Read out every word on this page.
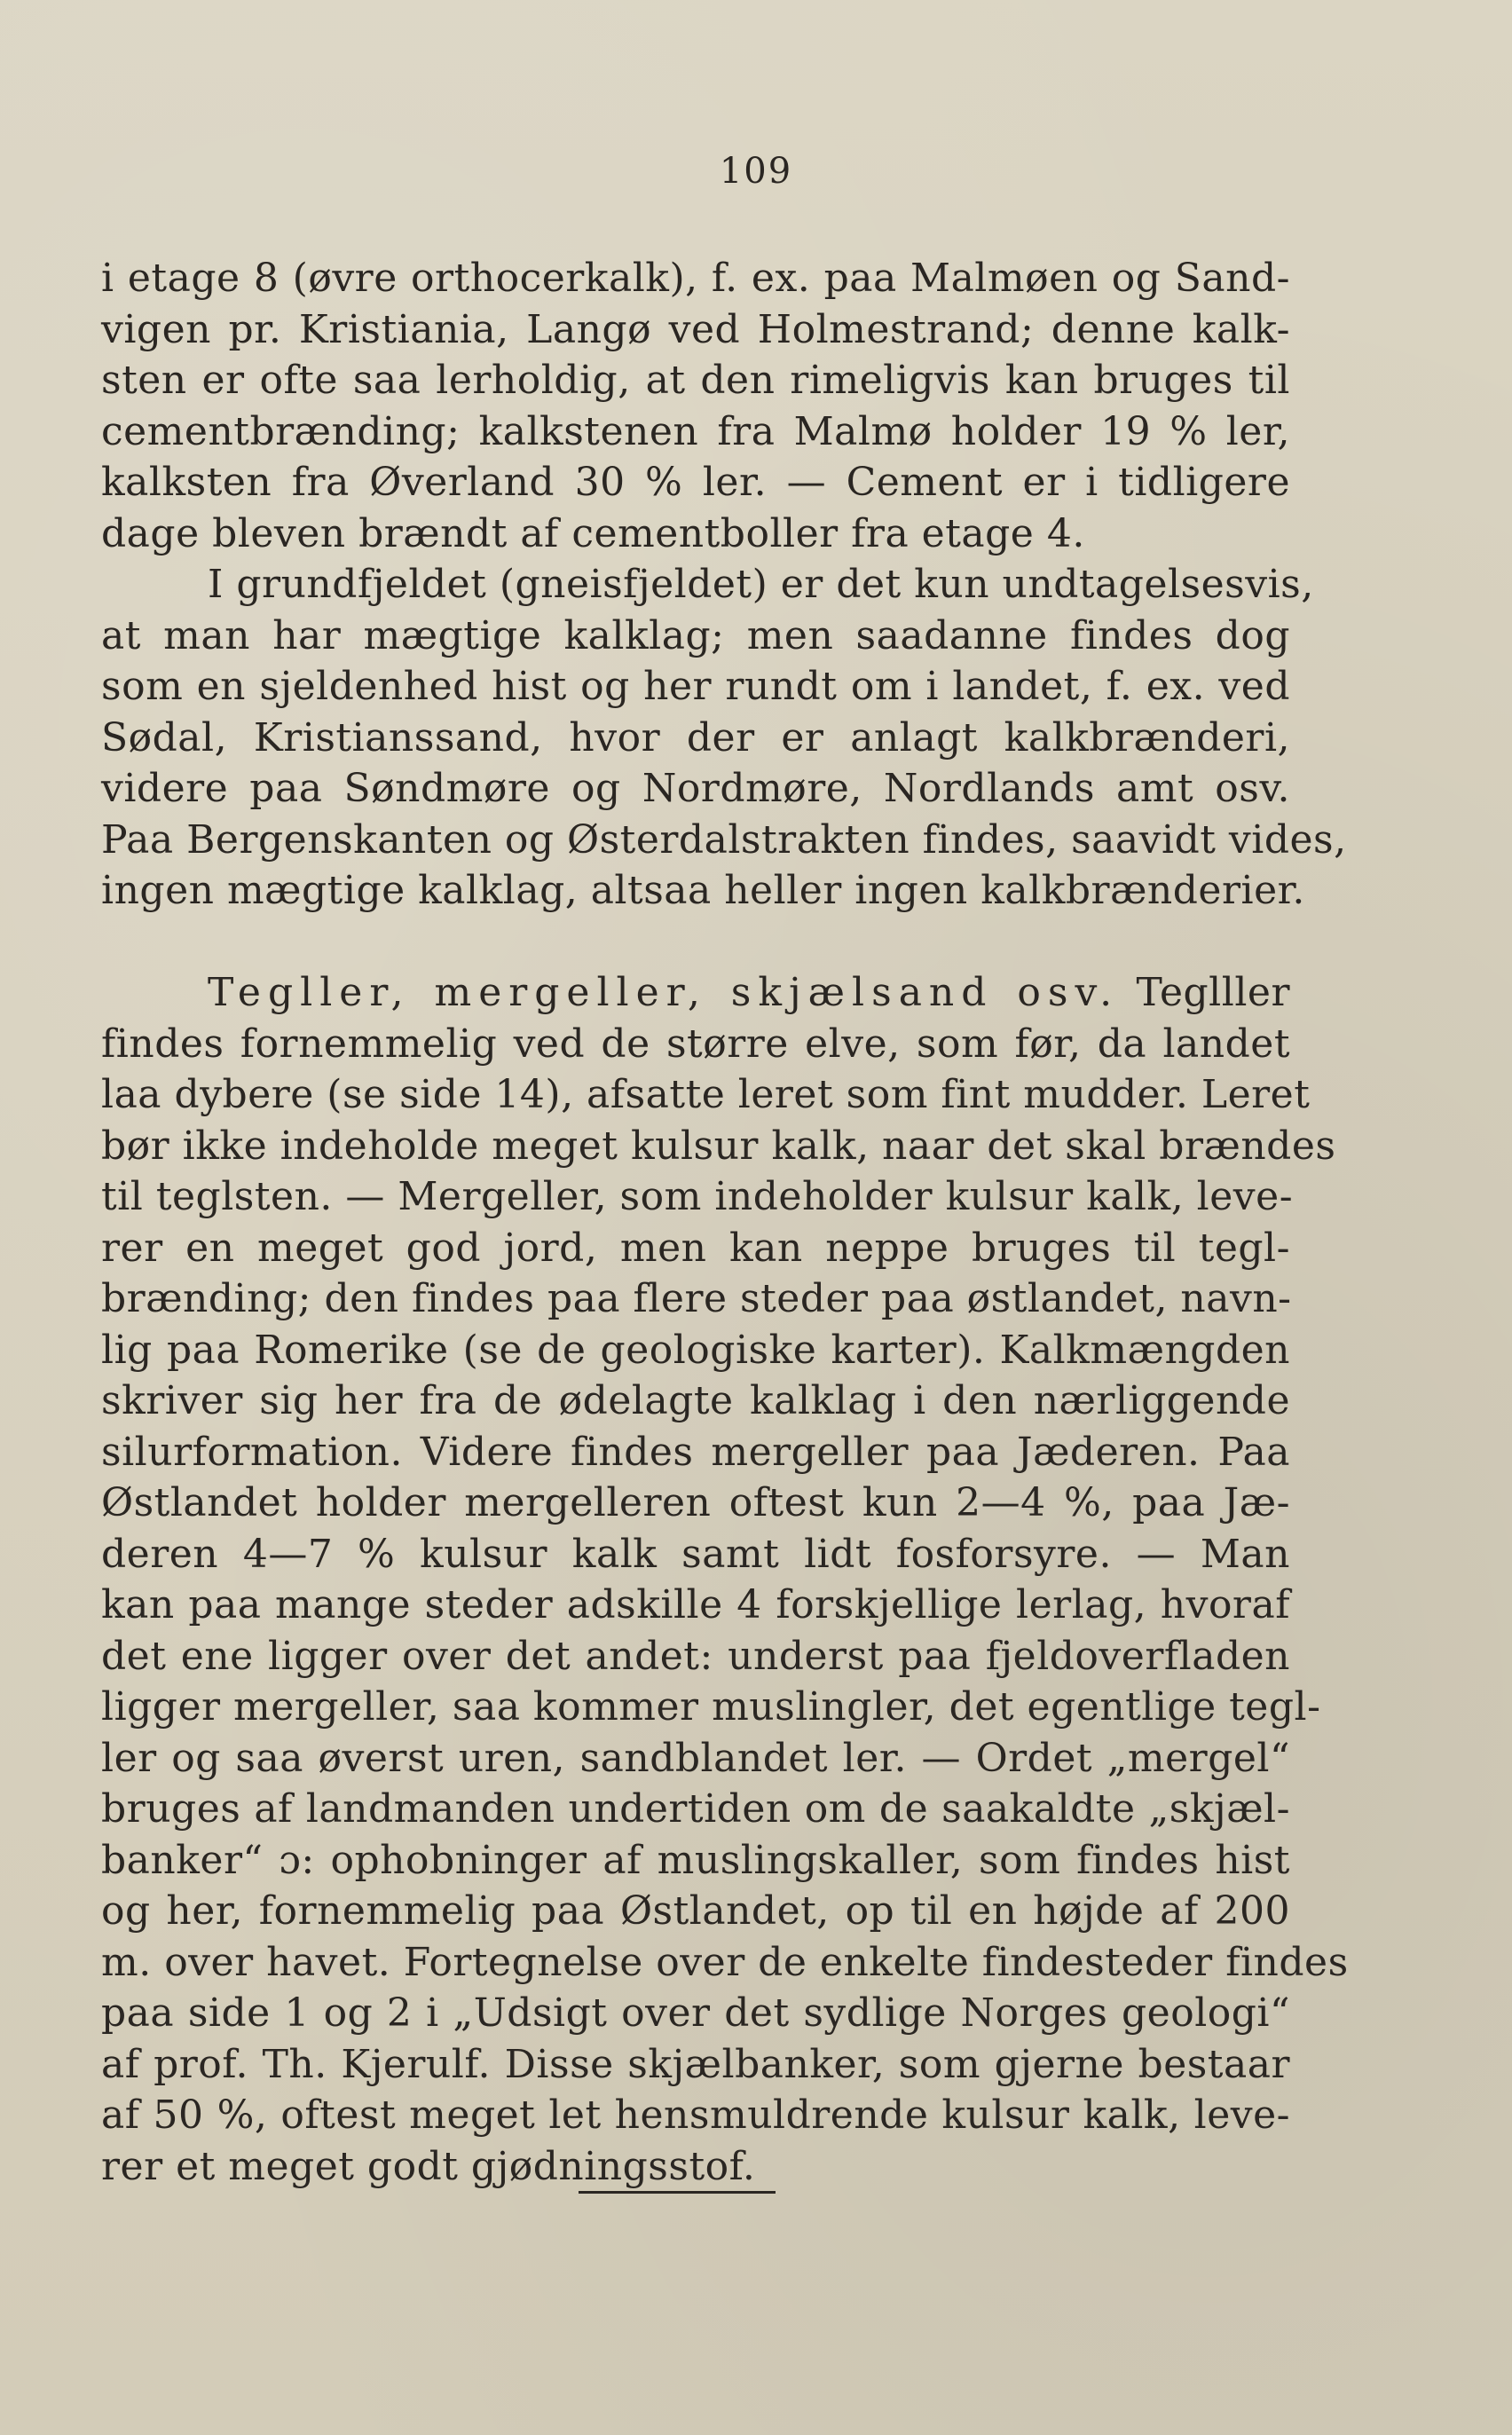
109
i etage 8 (øvre orthocerkalk), f. ex. paa Malmøen og Sand-
vigen pr. Kristiania, Langø ved Holmestrand; denne kalk-
sten er ofte saa lerholdig, at den rimeligvis kan bruges til
cementbrænding; kalkstenen fra Malmø holder 19 % ler,
kalksten fra Øverland 30 % ler. — Cement er i tidligere
dage bleven brændt af cementboller fra etage 4.
I grundfjeldet (gneisfjeldet) er det kun undtagelsesvis,
at man har mægtige kalklag; men saadanne findes dog
som en sjeldenhed hist og her rundt om i landet, f. ex. ved
Sødal, Kristianssand, hvor der er anlagt kalkbrænderi,
videre paa Søndmøre og Nordmøre, Nordlands amt osv.
Paa Bergenskanten og Østerdalstrakten findes, saavidt vides,
ingen mægtige kalklag, altsaa heller ingen kalkbrænderier.
Tegller, mergeller, skjælsand osv. Teglller
findes fornemmelig ved de større elve, som før, da landet
laa dybere (se side 14), afsatte leret som fint mudder. Leret
bør ikke indeholde meget kulsur kalk, naar det skal brændes
til teglsten. — Mergeller, som indeholder kulsur kalk, leve-
rer en meget god jord, men kan neppe bruges til tegl-
brænding; den findes paa flere steder paa østlandet, navn-
lig paa Romerike (se de geologiske karter). Kalkmængden
skriver sig her fra de ødelagte kalklag i den nærliggende
silurformation. Videre findes mergeller paa Jæderen. Paa
Østlandet holder mergelleren oftest kun 2—4 %, paa Jæ-
deren 4—7 % kulsur kalk samt lidt fosforsyre. — Man
kan paa mange steder adskille 4 forskjellige lerlag, hvoraf
det ene ligger over det andet: underst paa fjeldoverfladen
ligger mergeller, saa kommer muslingler, det egentlige tegl-
ler og saa øverst uren, sandblandet ler. — Ordet „mergel“
bruges af landmanden undertiden om de saakaldte „skjæl-
banker“ ɔ: ophobninger af muslingskaller, som findes hist
og her, fornemmelig paa Østlandet, op til en højde af 200
m. over havet. Fortegnelse over de enkelte findesteder findes
paa side 1 og 2 i „Udsigt over det sydlige Norges geologi“
af prof. Th. Kjerulf. Disse skjælbanker, som gjerne bestaar
af 50 %, oftest meget let hensmuldrende kulsur kalk, leve-
rer et meget godt gjødningsstof.
